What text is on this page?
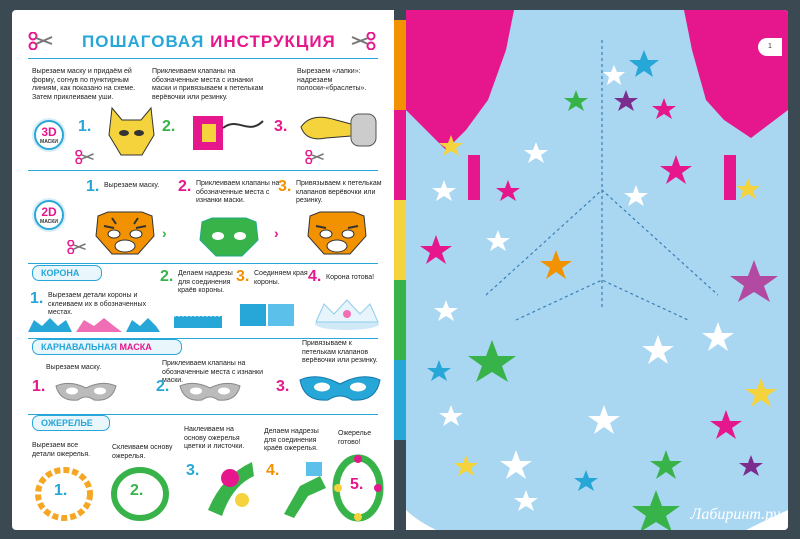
ПОШАГОВАЯ ИНСТРУКЦИЯ
Вырезаем маску и придаём ей форму, согнув по пунктирным линиям, как показано на схеме. Затем приклеиваем уши.
Приклеиваем клапаны на обозначенные места с изнанки маски и привязываем к петелькам верёвочки или резинку.
Вырезаем «лапки»: надрезаем полоски-«браслеты».
3D
МАСКИ
1.	2.	3.
2D
МАСКИ
1. Вырезаем маску.	2. Приклеиваем клапаны на обозначенные места с изнанки маски.
3. Привязываем к петелькам клапанов верёвочки или резинку.
›	›
КОРОНА
1. Вырезаем детали короны и склеиваем их в обозначенных местах.
2. Делаем надрезы для соединения краёв короны.
3. Соединяем края короны.	4. Корона готова!
КАРНАВАЛЬНАЯ МАСКА
Вырезаем маску.
Приклеиваем клапаны на обозначенные места с изнанки маски.
Привязываем к петелькам клапанов верёвочки или резинку.
1.	2.	3.
ОЖЕРЕЛЬЕ
Вырезаем все детали ожерелья.
Склеиваем основу ожерелья.
Наклеиваем на основу ожерелья цветки и листочки.
Делаем надрезы для соединения краёв ожерелья.
Ожерелье готово!
1.	2.
3.	4.
5.
1
Лабиринт.ру
